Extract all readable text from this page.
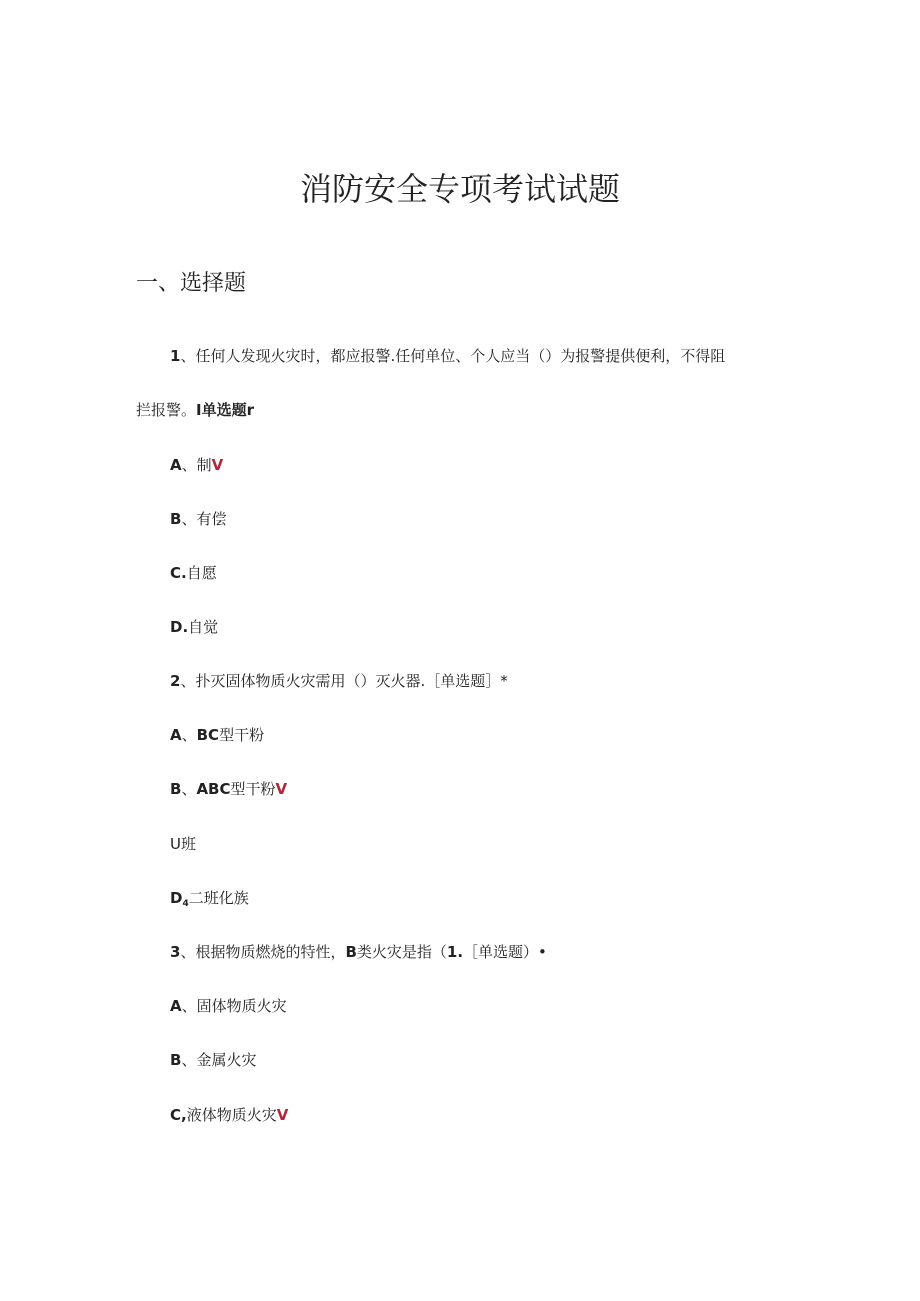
消防安全专项考试试题
一、选择题
1、任何人发现火灾时，都应报警.任何单位、个人应当（）为报警提供便利，不得阻
拦报警。I单选题r
A、制V
B、有偿
C.自愿
D.自觉
2、扑灭固体物质火灾需用（）灭火器.［单选题］*
A、BC型干粉
B、ABC型干粉V
U班
$D_4$二班化族
3、根据物质燃烧的特性，B类火灾是指（1.［单选题）•
A、固体物质火灾
B、金属火灾
C,液体物质火灾V
